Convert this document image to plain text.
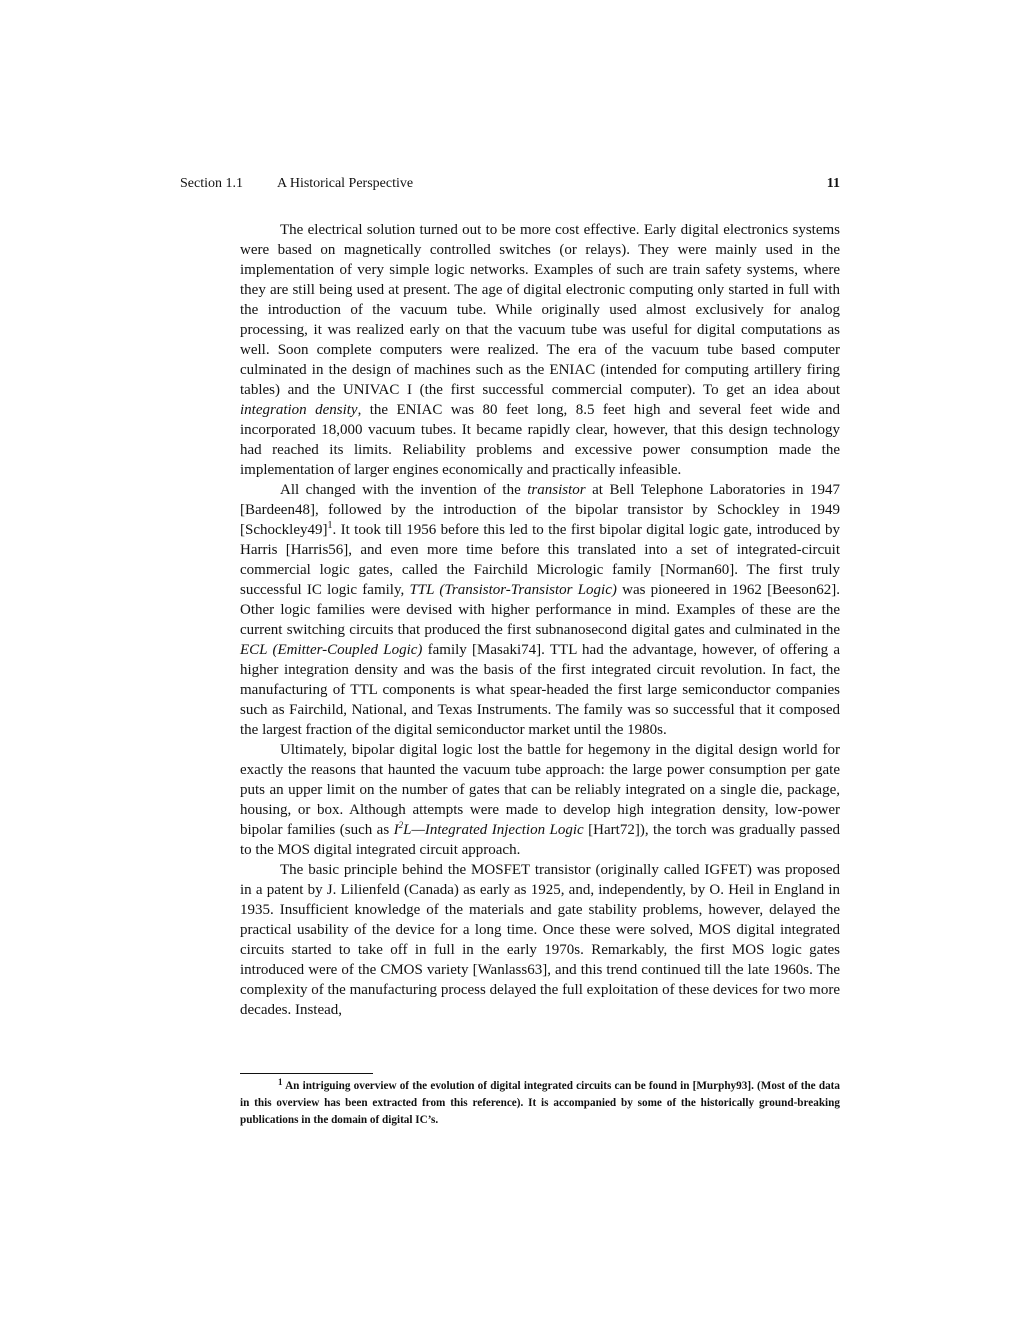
Section 1.1 A Historical Perspective	11

The electrical solution turned out to be more cost effective. Early digital electronics systems were based on magnetically controlled switches (or relays). They were mainly used in the implementation of very simple logic networks. Examples of such are train safety systems, where they are still being used at present. The age of digital electronic computing only started in full with the introduction of the vacuum tube. While originally used almost exclusively for analog processing, it was realized early on that the vacuum tube was useful for digital computations as well. Soon complete computers were realized. The era of the vacuum tube based computer culminated in the design of machines such as the ENIAC (intended for computing artillery firing tables) and the UNIVAC I (the first successful commercial computer). To get an idea about integration density, the ENIAC was 80 feet long, 8.5 feet high and several feet wide and incorporated 18,000 vacuum tubes. It became rapidly clear, however, that this design technology had reached its limits. Reliability problems and excessive power consumption made the implementation of larger engines economically and practically infeasible.

All changed with the invention of the transistor at Bell Telephone Laboratories in 1947 [Bardeen48], followed by the introduction of the bipolar transistor by Schockley in 1949 [Schockley49]$^1$. It took till 1956 before this led to the first bipolar digital logic gate, introduced by Harris [Harris56], and even more time before this translated into a set of integrated-circuit commercial logic gates, called the Fairchild Micrologic family [Norman60]. The first truly successful IC logic family, TTL (Transistor-Transistor Logic) was pioneered in 1962 [Beeson62]. Other logic families were devised with higher performance in mind. Examples of these are the current switching circuits that produced the first subnanosecond digital gates and culminated in the ECL (Emitter-Coupled Logic) family [Masaki74]. TTL had the advantage, however, of offering a higher integration density and was the basis of the first integrated circuit revolution. In fact, the manufacturing of TTL components is what spear-headed the first large semiconductor companies such as Fairchild, National, and Texas Instruments. The family was so successful that it composed the largest fraction of the digital semiconductor market until the 1980s.

Ultimately, bipolar digital logic lost the battle for hegemony in the digital design world for exactly the reasons that haunted the vacuum tube approach: the large power consumption per gate puts an upper limit on the number of gates that can be reliably integrated on a single die, package, housing, or box. Although attempts were made to develop high integration density, low-power bipolar families (such as $I^2L—Integrated$ Injection Logic [Hart72]), the torch was gradually passed to the MOS digital integrated circuit approach.

The basic principle behind the MOSFET transistor (originally called IGFET) was proposed in a patent by J. Lilienfeld (Canada) as early as 1925, and, independently, by O. Heil in England in 1935. Insufficient knowledge of the materials and gate stability problems, however, delayed the practical usability of the device for a long time. Once these were solved, MOS digital integrated circuits started to take off in full in the early 1970s. Remarkably, the first MOS logic gates introduced were of the CMOS variety [Wanlass63], and this trend continued till the late 1960s. The complexity of the manufacturing process delayed the full exploitation of these devices for two more decades. Instead,

$^1$ An intriguing overview of the evolution of digital integrated circuits can be found in [Murphy93]. (Most of the data in this overview has been extracted from this reference). It is accompanied by some of the historically ground-breaking publications in the domain of digital IC’s.
